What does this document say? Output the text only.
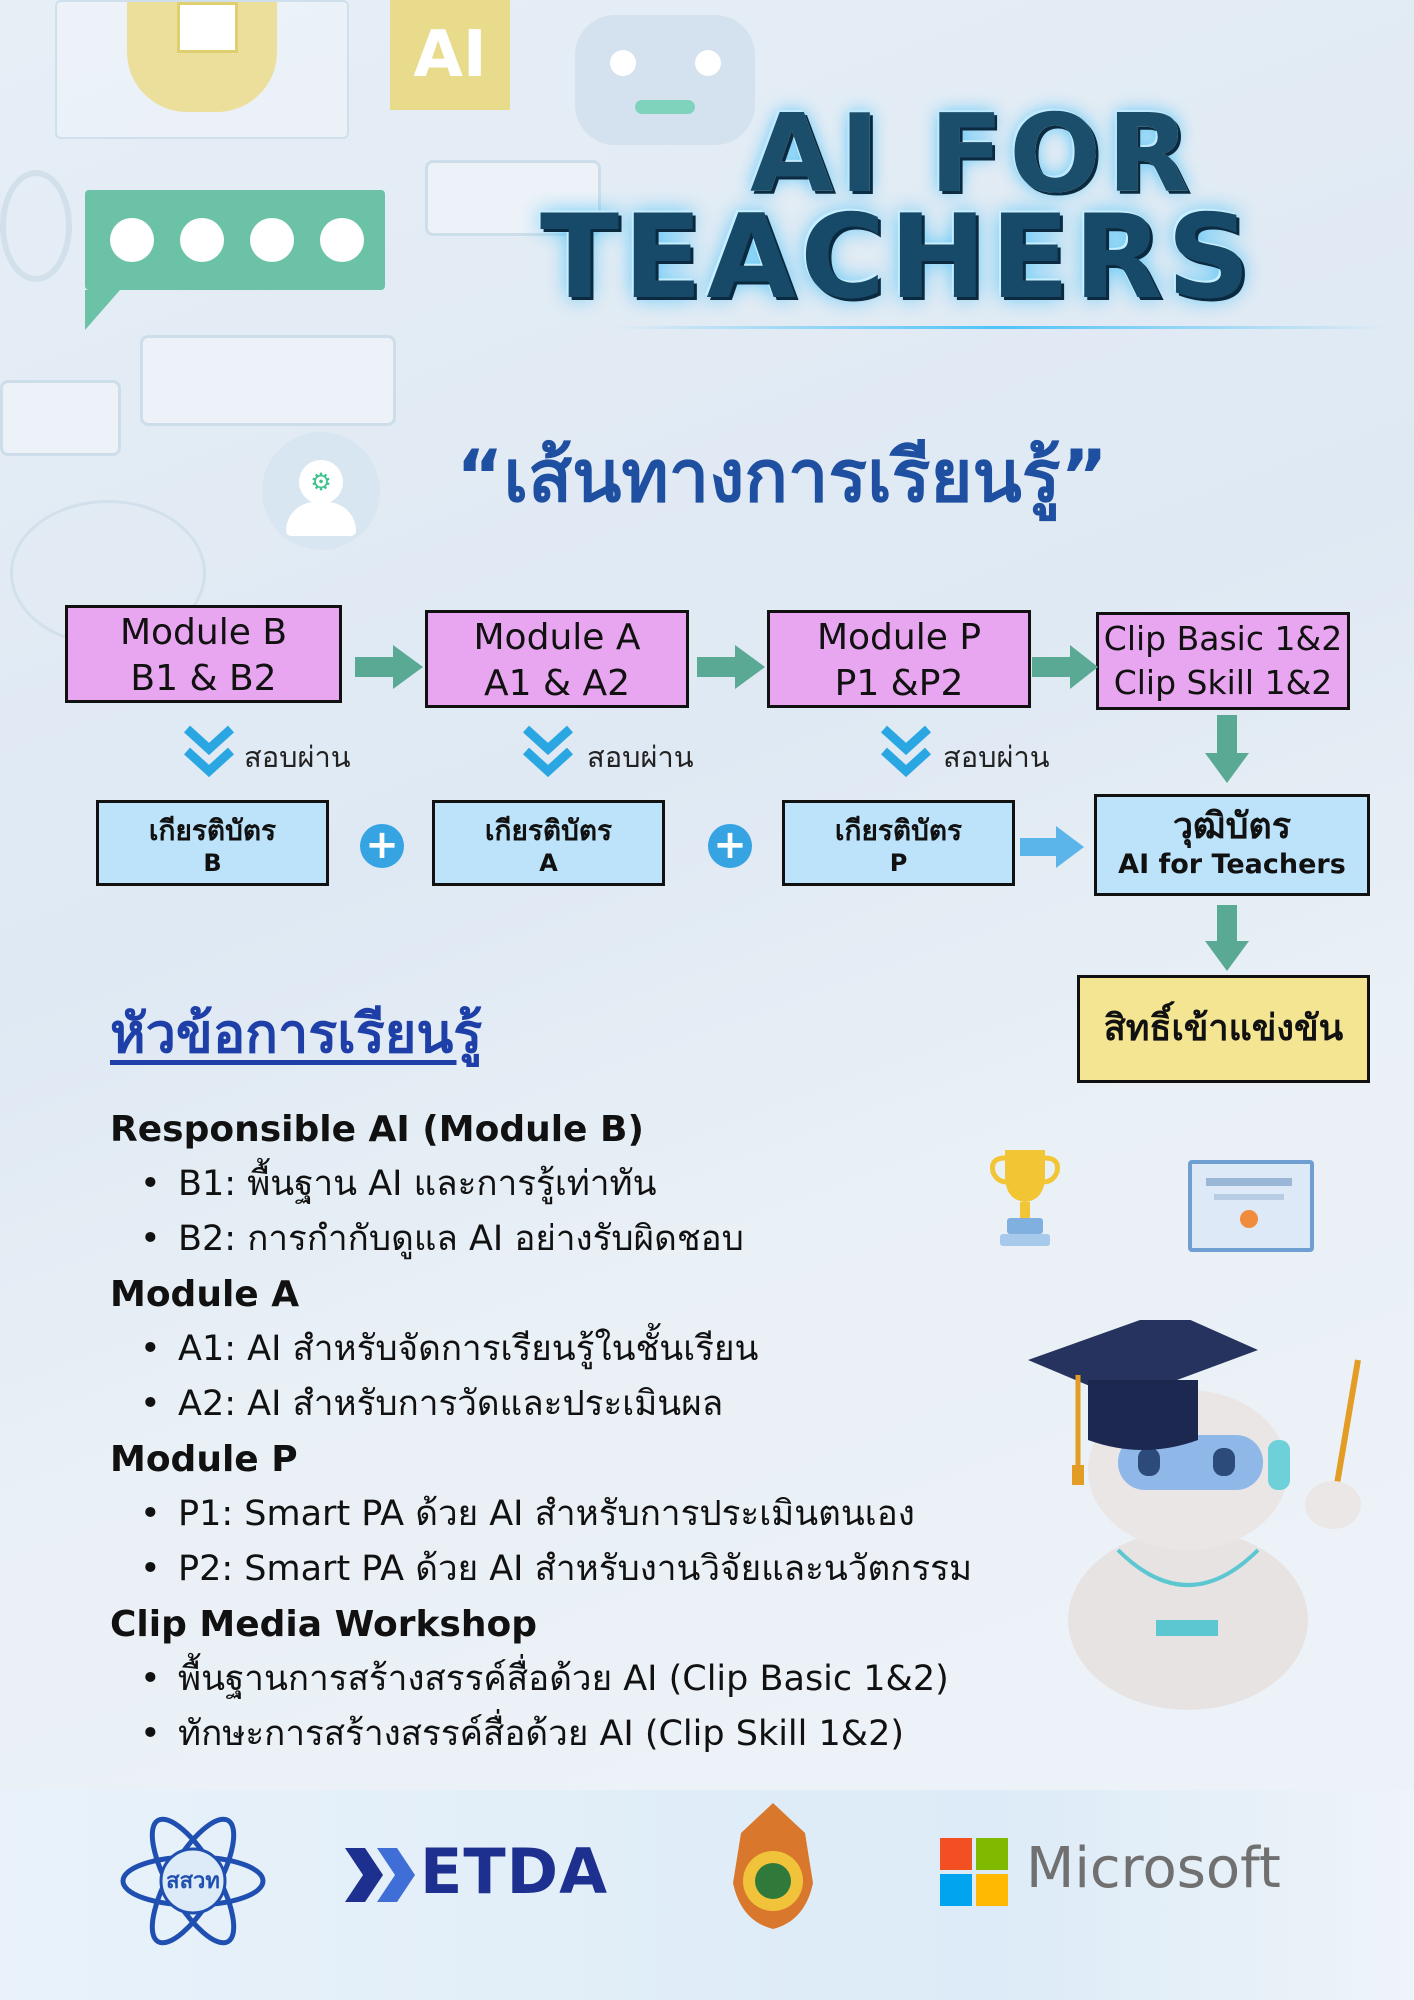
AI
⚙
AI FOR
TEACHERS
“เส้นทางการเรียนรู้”
Module B
B1 & B2
Module A
A1 & A2
Module P
P1 &P2
Clip Basic 1&2
Clip Skill 1&2
สอบผ่าน	สอบผ่าน	สอบผ่าน
เกียรติบัตร
B	+	เกียรติบัตร
A	+	เกียรติบัตร
P
วุฒิบัตร
AI for Teachers
สิทธิ์เข้าแข่งขัน
หัวข้อการเรียนรู้
Responsible AI (Module B)
• B1: พื้นฐาน AI และการรู้เท่าทัน
• B2: การกำกับดูแล AI อย่างรับผิดชอบ
Module A
• A1: AI สำหรับจัดการเรียนรู้ในชั้นเรียน
• A2: AI สำหรับการวัดและประเมินผล
Module P
• P1: Smart PA ด้วย AI สำหรับการประเมินตนเอง
• P2: Smart PA ด้วย AI สำหรับงานวิจัยและนวัตกรรม
Clip Media Workshop
• พื้นฐานการสร้างสรรค์สื่อด้วย AI (Clip Basic 1&2)
• ทักษะการสร้างสรรค์สื่อด้วย AI (Clip Skill 1&2)
สสวท	ETDA	Microsoft
